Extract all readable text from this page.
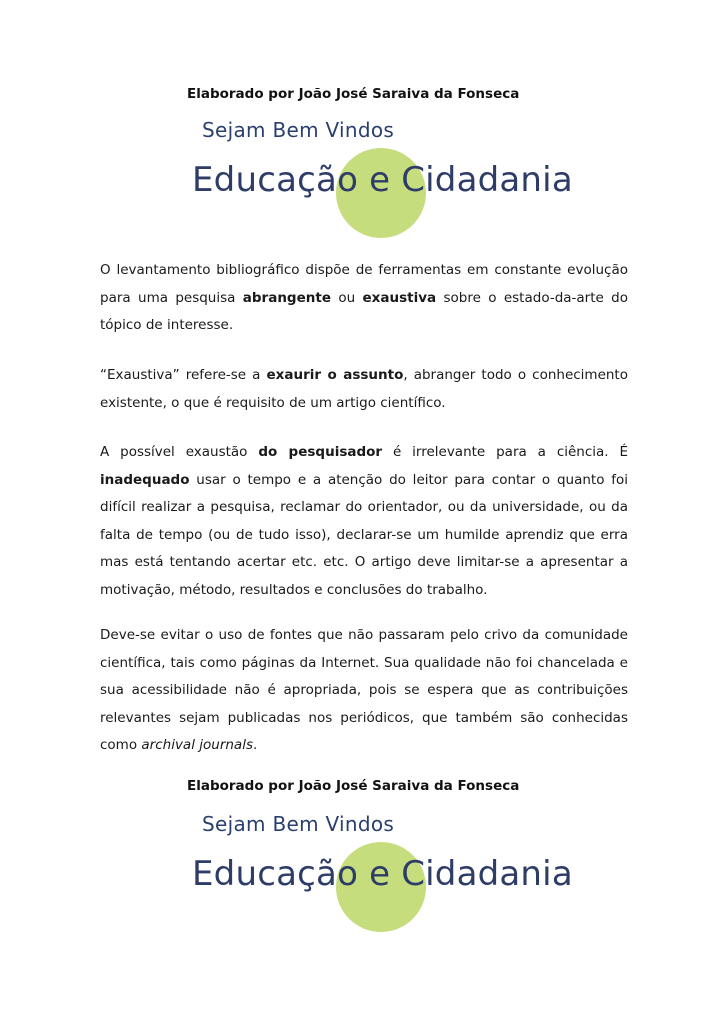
Elaborado por João José Saraiva da Fonseca
Sejam Bem Vindos
Educação e Cidadania

O levantamento bibliográfico dispõe de ferramentas em constante evolução para uma pesquisa abrangente ou exaustiva sobre o estado-da-arte do tópico de interesse.

“Exaustiva” refere-se a exaurir o assunto, abranger todo o conhecimento existente, o que é requisito de um artigo científico.

A possível exaustão do pesquisador é irrelevante para a ciência. É inadequado usar o tempo e a atenção do leitor para contar o quanto foi difícil realizar a pesquisa, reclamar do orientador, ou da universidade, ou da falta de tempo (ou de tudo isso), declarar-se um humilde aprendiz que erra mas está tentando acertar etc. etc. O artigo deve limitar-se a apresentar a motivação, método, resultados e conclusões do trabalho.

Deve-se evitar o uso de fontes que não passaram pelo crivo da comunidade científica, tais como páginas da Internet. Sua qualidade não foi chancelada e sua acessibilidade não é apropriada, pois se espera que as contribuições relevantes sejam publicadas nos periódicos, que também são conhecidas como archival journals.

Elaborado por João José Saraiva da Fonseca
Sejam Bem Vindos
Educação e Cidadania
